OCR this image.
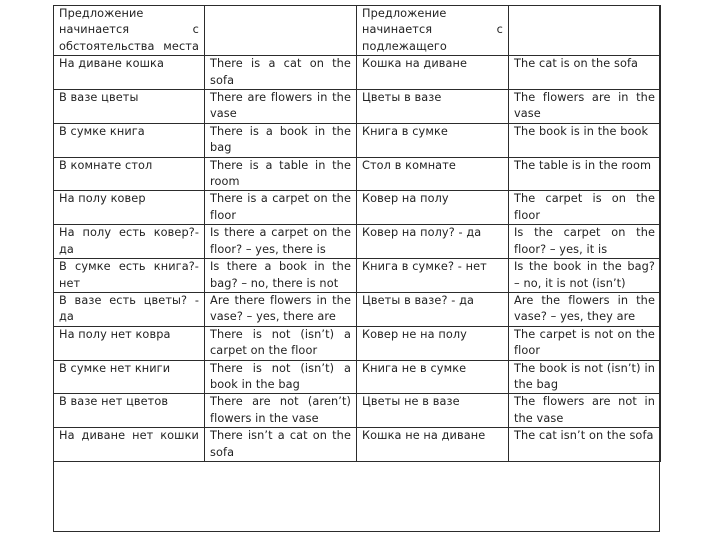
Предложение начинается с обстоятельства места		Предложение начинается с подлежащего	
На диване кошка	There is a cat on the sofa	Кошка на диване	The cat is on the sofa
В вазе цветы	There are flowers in the vase	Цветы в вазе	The flowers are in the vase
В сумке книга	There is a book in the bag	Книга в сумке	The book is in the book
В комнате стол	There is a table in the room	Стол в комнате	The table is in the room
На полу ковер	There is a carpet on the floor	Ковер на полу	The carpet is on the floor
На полу есть ковер?- да	Is there a carpet on the floor? – yes, there is	Ковер на полу? - да	Is the carpet on the floor? – yes, it is
В сумке есть книга?- нет	Is there a book in the bag? – no, there is not	Книга в сумке? - нет	Is the book in the bag? – no, it is not (isn’t)
В вазе есть цветы? - да	Are there flowers in the vase? – yes, there are	Цветы в вазе? - да	Are the flowers in the vase? – yes, they are
На полу нет ковра	There is not (isn’t) a carpet on the floor	Ковер не на полу	The carpet is not on the floor
В сумке нет книги	There is not (isn’t) a book in the bag	Книга не в сумке	The book is not (isn’t) in the bag
В вазе нет цветов	There are not (aren’t) flowers in the vase	Цветы не в вазе	The flowers are not in the vase
На диване нет кошки	There isn’t a cat on the sofa	Кошка не на диване	The cat isn’t on the sofa
